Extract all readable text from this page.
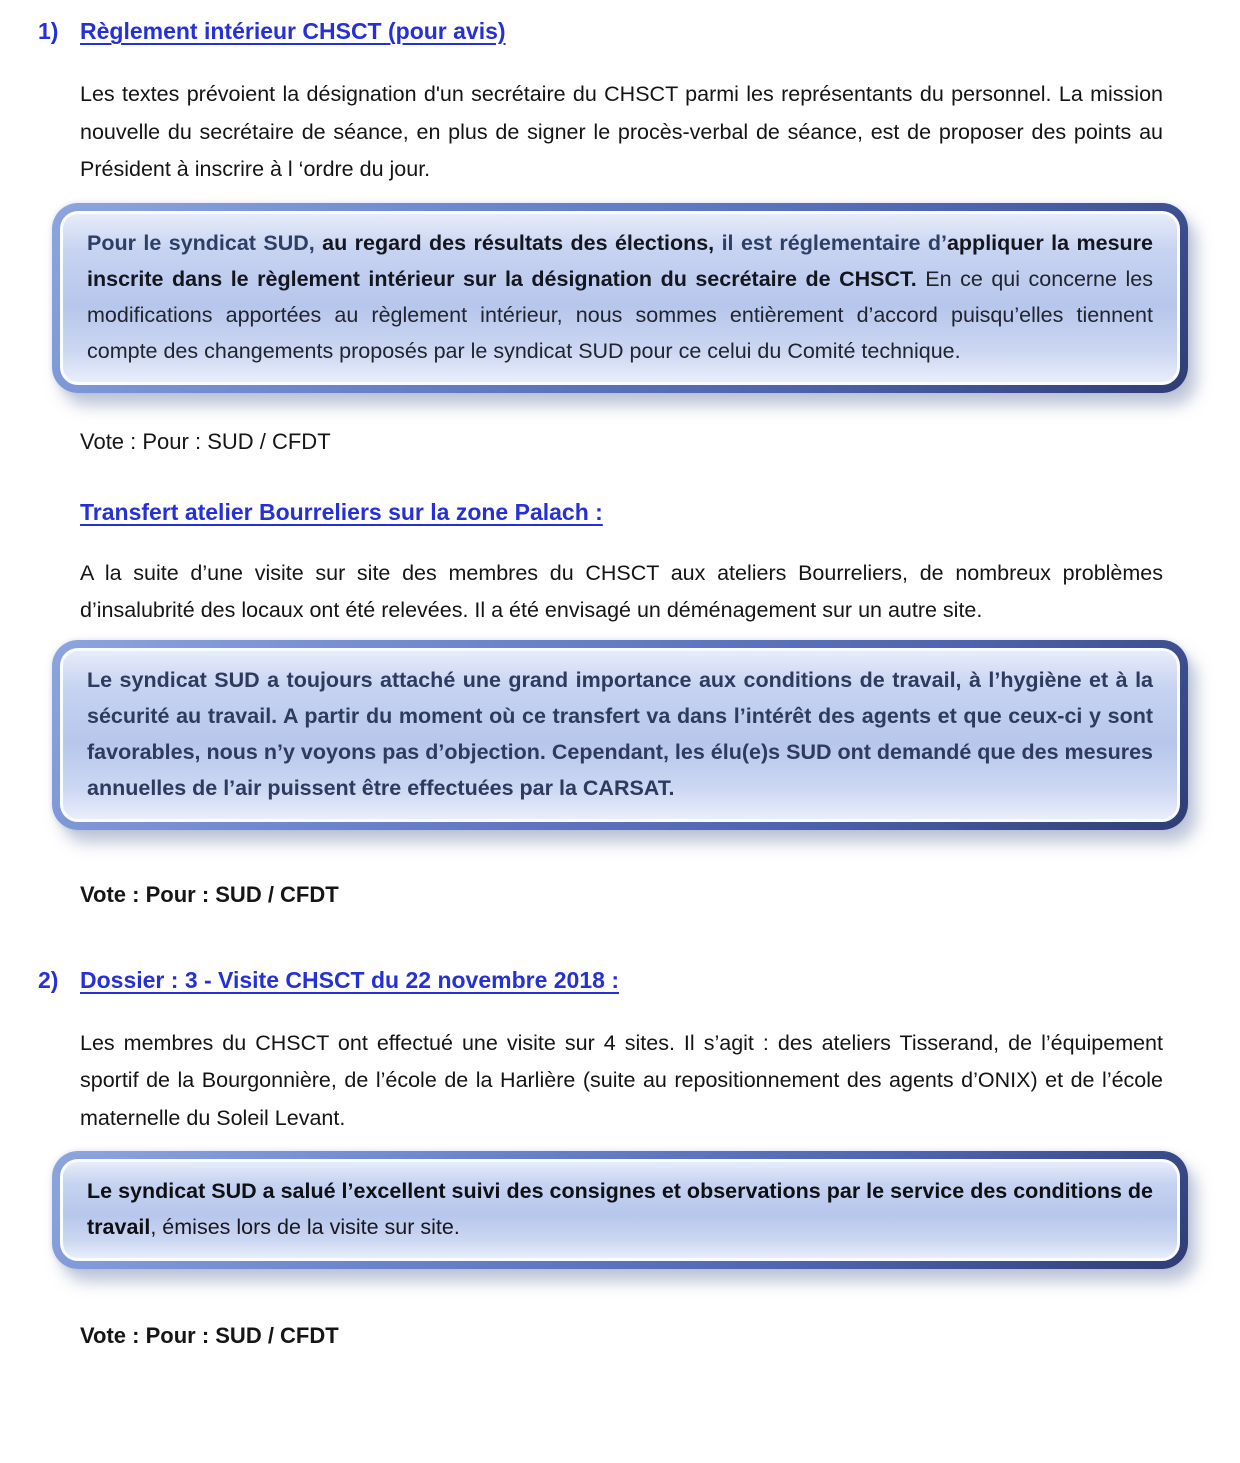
1) Règlement intérieur CHSCT (pour avis)

Les textes prévoient la désignation d'un secrétaire du CHSCT parmi les représentants du personnel. La mission nouvelle du secrétaire de séance, en plus de signer le procès-verbal de séance, est de proposer des points au Président à inscrire à l ‘ordre du jour.

Pour le syndicat SUD, au regard des résultats des élections, il est réglementaire d’appliquer la mesure inscrite dans le règlement intérieur sur la désignation du secrétaire de CHSCT. En ce qui concerne les modifications apportées au règlement intérieur, nous sommes entièrement d’accord puisqu’elles tiennent compte des changements proposés par le syndicat SUD pour ce celui du Comité technique.

Vote : Pour : SUD / CFDT
Transfert atelier Bourreliers sur la zone Palach :

A la suite d’une visite sur site des membres du CHSCT aux ateliers Bourreliers, de nombreux problèmes d’insalubrité des locaux ont été relevées. Il a été envisagé un déménagement sur un autre site.

Le syndicat SUD a toujours attaché une grand importance aux conditions de travail, à l’hygiène et à la sécurité au travail. A partir du moment où ce transfert va dans l’intérêt des agents et que ceux-ci y sont favorables, nous n’y voyons pas d’objection. Cependant, les élu(e)s SUD ont demandé que des mesures annuelles de l’air puissent être effectuées par la CARSAT.

Vote : Pour : SUD / CFDT
2) Dossier : 3 - Visite CHSCT du 22 novembre 2018 :

Les membres du CHSCT ont effectué une visite sur 4 sites. Il s’agit : des ateliers Tisserand, de l’équipement sportif de la Bourgonnière, de l’école de la Harlière (suite au repositionnement des agents d’ONIX) et de l’école maternelle du Soleil Levant.

Le syndicat SUD a salué l’excellent suivi des consignes et observations par le service des conditions de travail, émises lors de la visite sur site.

Vote : Pour : SUD / CFDT
